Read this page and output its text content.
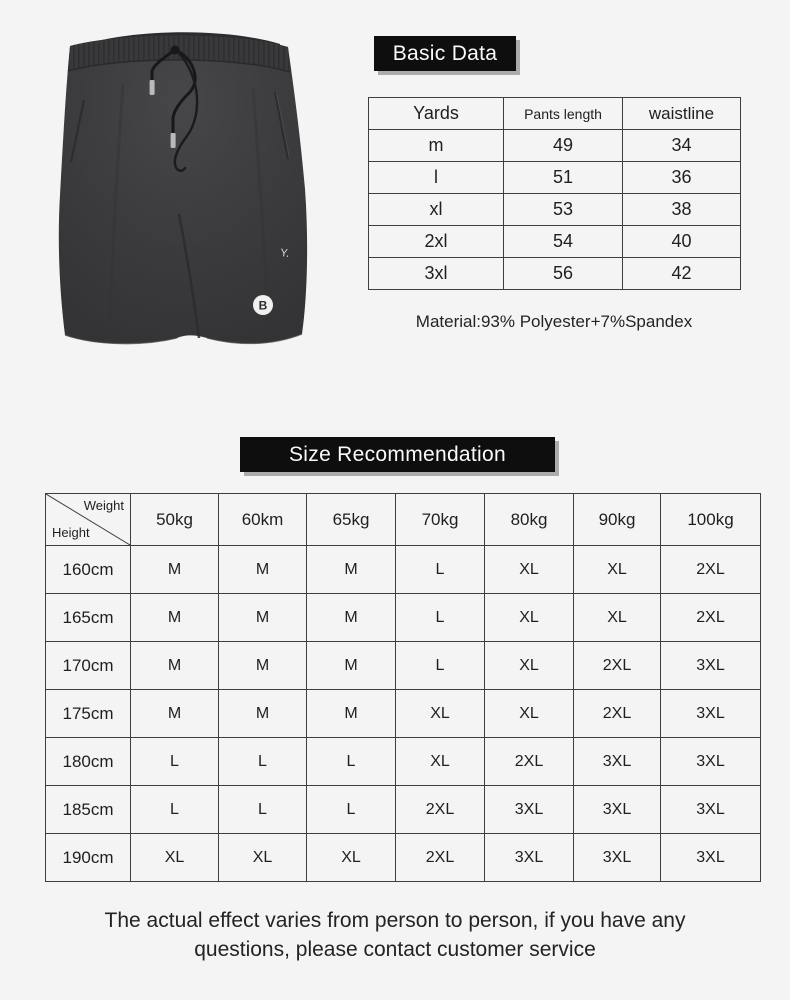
Y.
B
Basic Data
Yards	Pants length	waistline
m	49	34
l	51	36
xl	53	38
2xl	54	40
3xl	56	42
Material:93% Polyester+7%Spandex
Size Recommendation
Weight
Height	50kg	60km	65kg	70kg	80kg	90kg	100kg
160cm	M	M	M	L	XL	XL	2XL
165cm	M	M	M	L	XL	XL	2XL
170cm	M	M	M	L	XL	2XL	3XL
175cm	M	M	M	XL	XL	2XL	3XL
180cm	L	L	L	XL	2XL	3XL	3XL
185cm	L	L	L	2XL	3XL	3XL	3XL
190cm	XL	XL	XL	2XL	3XL	3XL	3XL
The actual effect varies from person to person, if you have any
questions, please contact customer service
